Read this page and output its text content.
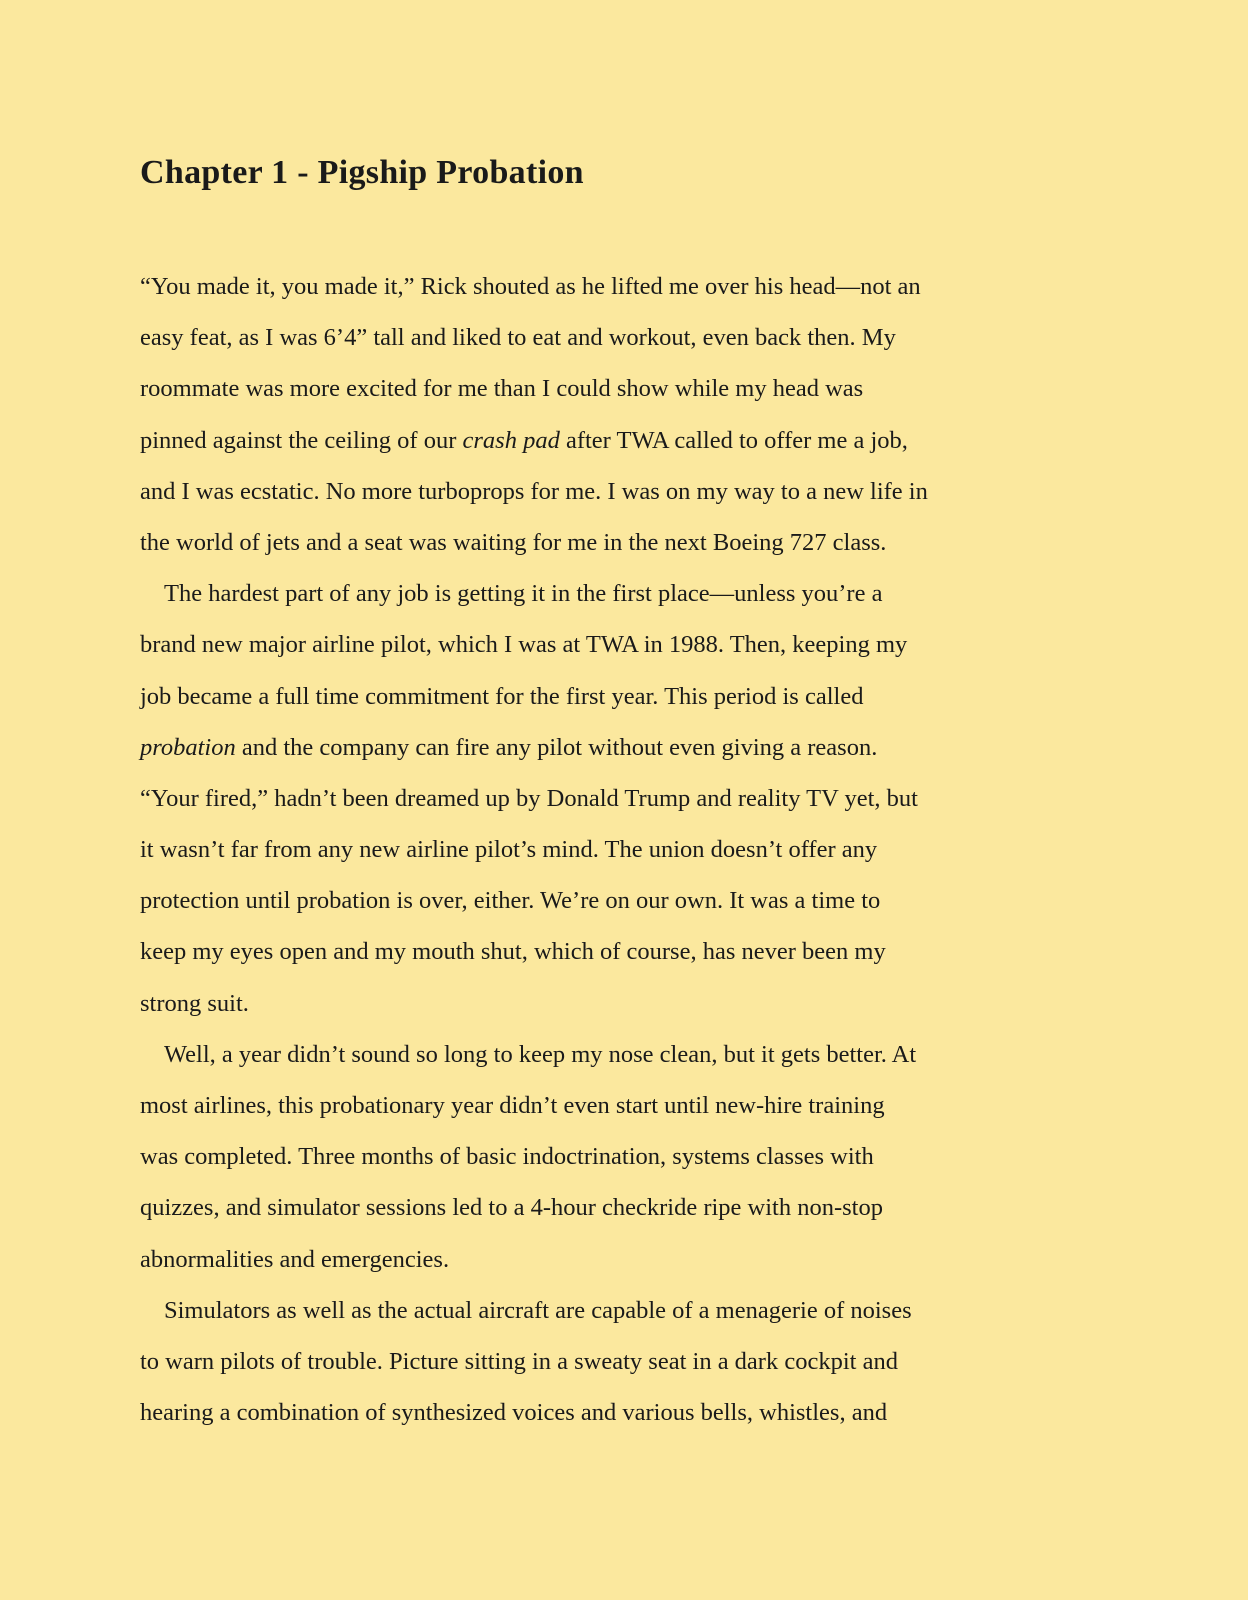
Chapter 1 - Pigship Probation
“You made it, you made it,” Rick shouted as he lifted me over his head—not an
easy feat, as I was 6’4” tall and liked to eat and workout, even back then. My
roommate was more excited for me than I could show while my head was
pinned against the ceiling of our crash pad after TWA called to offer me a job,
and I was ecstatic. No more turboprops for me. I was on my way to a new life in
the world of jets and a seat was waiting for me in the next Boeing 727 class.
The hardest part of any job is getting it in the first place—unless you’re a
brand new major airline pilot, which I was at TWA in 1988. Then, keeping my
job became a full time commitment for the first year. This period is called
probation and the company can fire any pilot without even giving a reason.
“Your fired,” hadn’t been dreamed up by Donald Trump and reality TV yet, but
it wasn’t far from any new airline pilot’s mind. The union doesn’t offer any
protection until probation is over, either. We’re on our own. It was a time to
keep my eyes open and my mouth shut, which of course, has never been my
strong suit.
Well, a year didn’t sound so long to keep my nose clean, but it gets better. At
most airlines, this probationary year didn’t even start until new-hire training
was completed. Three months of basic indoctrination, systems classes with
quizzes, and simulator sessions led to a 4-hour checkride ripe with non-stop
abnormalities and emergencies.
Simulators as well as the actual aircraft are capable of a menagerie of noises
to warn pilots of trouble. Picture sitting in a sweaty seat in a dark cockpit and
hearing a combination of synthesized voices and various bells, whistles, and
